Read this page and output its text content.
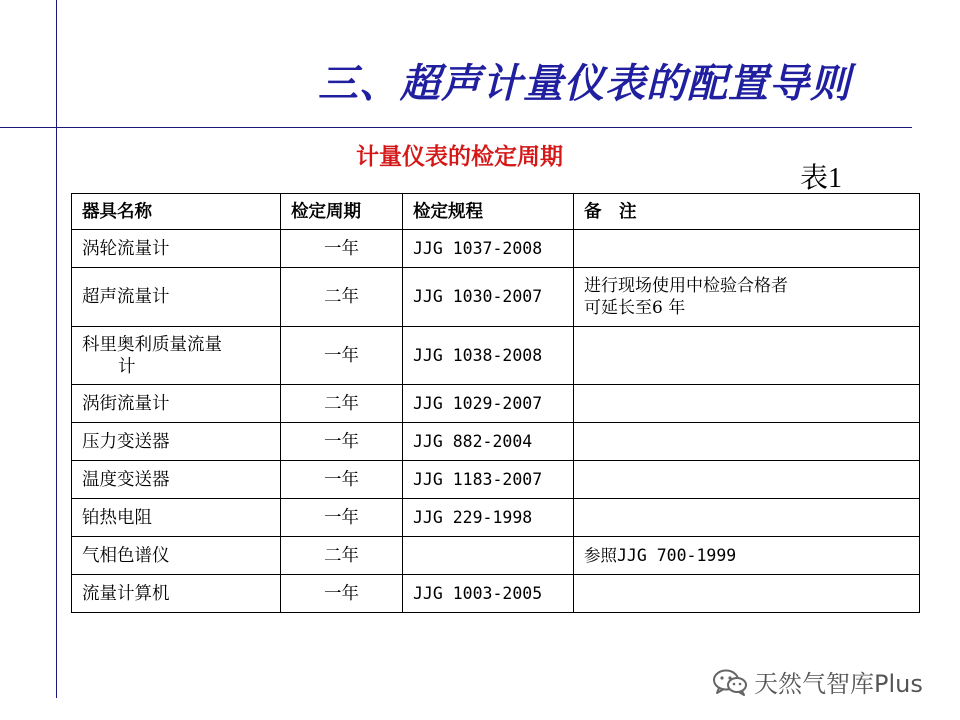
三、超声计量仪表的配置导则
计量仪表的检定周期
表1
器具名称	检定周期	检定规程	备　注
涡轮流量计	一年	JJG 1037-2008	
超声流量计	二年	JJG 1030-2007	进行现场使用中检验合格者
可延长至6 年

科里奥利质量流量
计	一年	JJG 1038-2008	
涡街流量计	二年	JJG 1029-2007	
压力变送器	一年	JJG 882-2004	
温度变送器	一年	JJG 1183-2007	
铂热电阻	一年	JJG 229-1998	
气相色谱仪	二年		参照JJG 700-1999
流量计算机	一年	JJG 1003-2005	
天然气智库Plus
